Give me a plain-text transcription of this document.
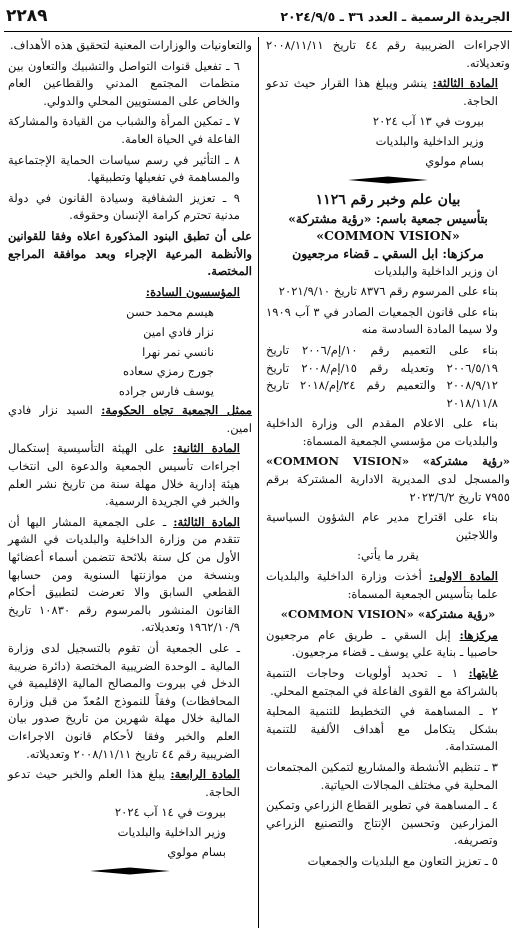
الجريدة الرسمية ـ العدد ٣٦ ـ ٢٠٢٤/٩/٥
٢٢٨٩

الاجراءات الضريبية رقم ٤٤ تاريخ ٢٠٠٨/١١/١١ وتعديلاته.

المادة الثالثة: ينشر ويبلغ هذا القرار حيث تدعو الحاجة.

بيروت في ١٣ آب ٢٠٢٤

وزير الداخلية والبلديات

بسام مولوي

بيان علم وخبر رقم ١١٢٦
بتأسيس جمعية باسم: «رؤية مشتركة»
«COMMON VISION»
مركزها: ابل السقي ـ قضاء مرجعيون

ان وزير الداخلية والبلديات

بناء على المرسوم رقم ٨٣٧٦ تاريخ ٢٠٢١/٩/١٠

بناء على قانون الجمعيات الصادر في ٣ آب ١٩٠٩ ولا سيما المادة السادسة منه

بناء على التعميم رقم ١٠/إم/٢٠٠٦ تاريخ ٢٠٠٦/٥/١٩ وتعديله رقم ١٥/إم/٢٠٠٨ تاريخ ٢٠٠٨/٩/١٢ والتعميم رقم ٢٤/إم/٢٠١٨ تاريخ ٢٠١٨/١١/٨

بناء على الاعلام المقدم الى وزارة الداخلية والبلديات من مؤسسي الجمعية المسماة:

«رؤية مشتركة» «COMMON VISION» والمسجل لدى المديرية الادارية المشتركة برقم ٧٩٥٥ تاريخ ٢٠٢٣/٦/٢

بناء على اقتراح مدير عام الشؤون السياسية واللاجئين

يقرر ما يأتي:

المادة الاولى: أخذت وزارة الداخلية والبلديات علما بتأسيس الجمعية المسماة:

«رؤية مشتركة» «COMMON VISION»

مركزها: إبل السقي ـ طريق عام مرجعيون حاصبيا ـ بناية علي يوسف ـ قضاء مرجعيون.

غايتها: ١ ـ تحديد أولويات وحاجات التنمية بالشراكة مع القوى الفاعلة في المجتمع المحلي.

٢ ـ المساهمة في التخطيط للتنمية المحلية بشكل يتكامل مع أهداف الألفية للتنمية المستدامة.

٣ ـ تنظيم الأنشطة والمشاريع لتمكين المجتمعات المحلية في مختلف المجالات الحياتية.

٤ ـ المساهمة في تطوير القطاع الزراعي وتمكين المزارعين وتحسين الإنتاج والتصنيع الزراعي وتصريفه.

٥ ـ تعزيز التعاون مع البلديات والجمعيات

والتعاونيات والوزارات المعنية لتحقيق هذه الأهداف.

٦ ـ تفعيل قنوات التواصل والتشبيك والتعاون بين منظمات المجتمع المدني والقطاعين العام والخاص على المستويين المحلي والدولي.

٧ ـ تمكين المرأة والشباب من القيادة والمشاركة الفاعلة في الحياة العامة.

٨ ـ التأثير في رسم سياسات الحماية الإجتماعية والمساهمة في تفعيلها وتطبيقها.

٩ ـ تعزيز الشفافية وسيادة القانون في دولة مدنية تحترم كرامة الإنسان وحقوقه.

على أن تطبق البنود المذكورة اعلاه وفقا للقوانين والأنظمة المرعية الإجراء وبعد موافقة المراجع المختصة.

المؤسسون السادة:

هيسم محمد حسن

نزار فادي امين

نانسي نمر نهرا

جورج رمزي سعاده

يوسف فارس جراده

ممثل الجمعية تجاه الحكومة: السيد نزار فادي امين.

المادة الثانية: على الهيئة التأسيسية إستكمال اجراءات تأسيس الجمعية والدعوة الى انتخاب هيئة إدارية خلال مهلة سنة من تاريخ نشر العلم والخبر في الجريدة الرسمية.

المادة الثالثة: ـ على الجمعية المشار اليها أن تتقدم من وزارة الداخلية والبلديات في الشهر الأول من كل سنة بلائحة تتضمن أسماء أعضائها وبنسخة من موازنتها السنوية ومن حسابها القطعي السابق والا تعرضت لتطبيق أحكام القانون المنشور بالمرسوم رقم ١٠٨٣٠ تاريخ ١٩٦٢/١٠/٩ وتعديلاته.

ـ على الجمعية أن تقوم بالتسجيل لدى وزارة المالية ـ الوحدة الضريبية المختصة (دائرة ضريبة الدخل في بيروت والمصالح المالية الإقليمية في المحافظات) وفقاً للنموذج المُعدّ من قبل وزارة المالية خلال مهلة شهرين من تاريخ صدور بيان العلم والخبر وفقا لأحكام قانون الاجراءات الضريبية رقم ٤٤ تاريخ ٢٠٠٨/١١/١١ وتعديلاته.

المادة الرابعة: يبلغ هذا العلم والخبر حيث تدعو الحاجة.

بيروت في ١٤ آب ٢٠٢٤

وزير الداخلية والبلديات

بسام مولوي
